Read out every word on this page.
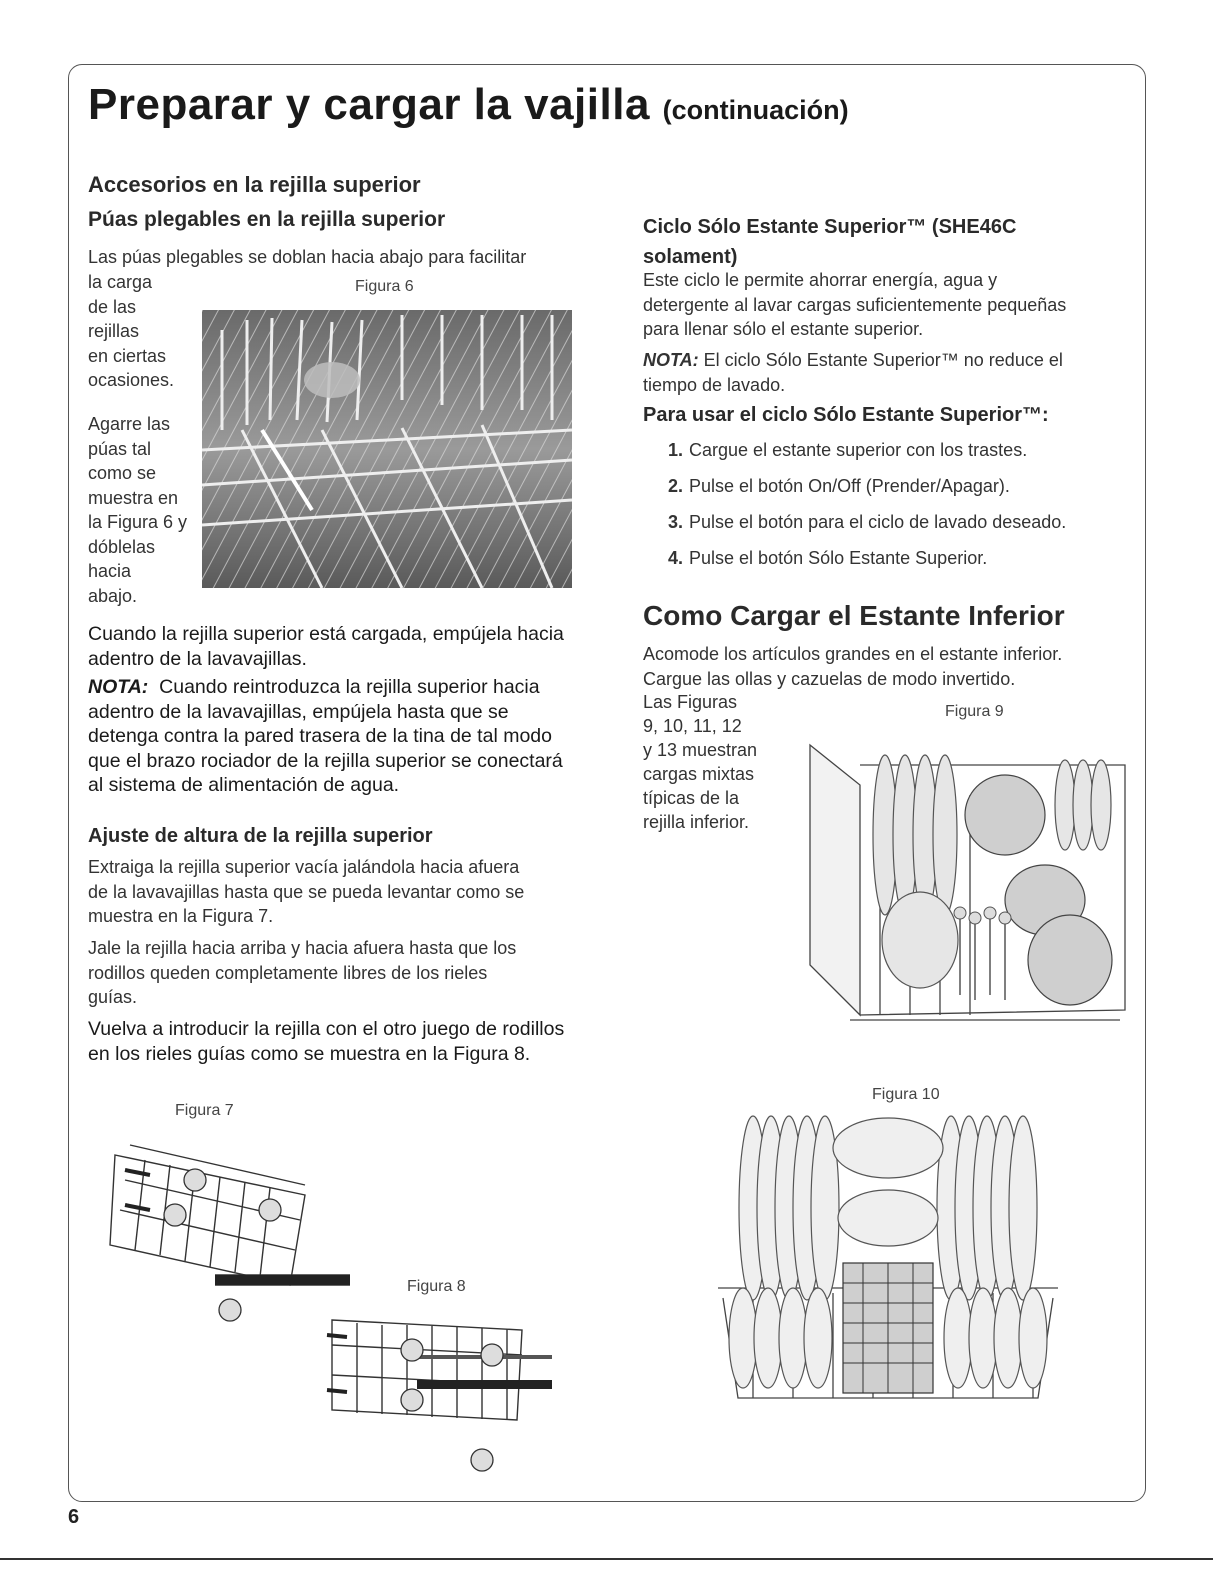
Preparar y cargar la vajilla (continuación)
Accesorios en la rejilla superior
Púas plegables en la rejilla superior

Las púas plegables se doblan hacia abajo para facilitar

la carga
de las
rejillas
en ciertas
ocasiones.
Agarre las
púas tal
como se
muestra en
la Figura 6 y
dóblelas
hacia
abajo.
Figura 6

Cuando la rejilla superior está cargada, empújela hacia
adentro de la lavavajillas.

NOTA: Cuando reintroduzca la rejilla superior hacia
adentro de la lavavajillas, empújela hasta que se
detenga contra la pared trasera de la tina de tal modo
que el brazo rociador de la rejilla superior se conectará
al sistema de alimentación de agua.

Ajuste de altura de la rejilla superior

Extraiga la rejilla superior vacía jalándola hacia afuera
de la lavavajillas hasta que se pueda levantar como se
muestra en la Figura 7.

Jale la rejilla hacia arriba y hacia afuera hasta que los
rodillos queden completamente libres de los rieles
guías.

Vuelva a introducir la rejilla con el otro juego de rodillos
en los rieles guías como se muestra en la Figura 8.

Figura 7
Figura 8
Ciclo Sólo Estante Superior™ (SHE46C
solament)

Este ciclo le permite ahorrar energía, agua y
detergente al lavar cargas suficientemente pequeñas
para llenar sólo el estante superior.

NOTA: El ciclo Sólo Estante Superior™ no reduce el
tiempo de lavado.

Para usar el ciclo Sólo Estante Superior™:
1. Cargue el estante superior con los trastes.
2. Pulse el botón On/Off (Prender/Apagar).
3. Pulse el botón para el ciclo de lavado deseado.
4. Pulse el botón Sólo Estante Superior.
Como Cargar el Estante Inferior

Acomode los artículos grandes en el estante inferior.
Cargue las ollas y cazuelas de modo invertido.

Las Figuras
9, 10, 11, 12
y 13 muestran
cargas mixtas
típicas de la
rejilla inferior.
Figura 9
Figura 10
6
